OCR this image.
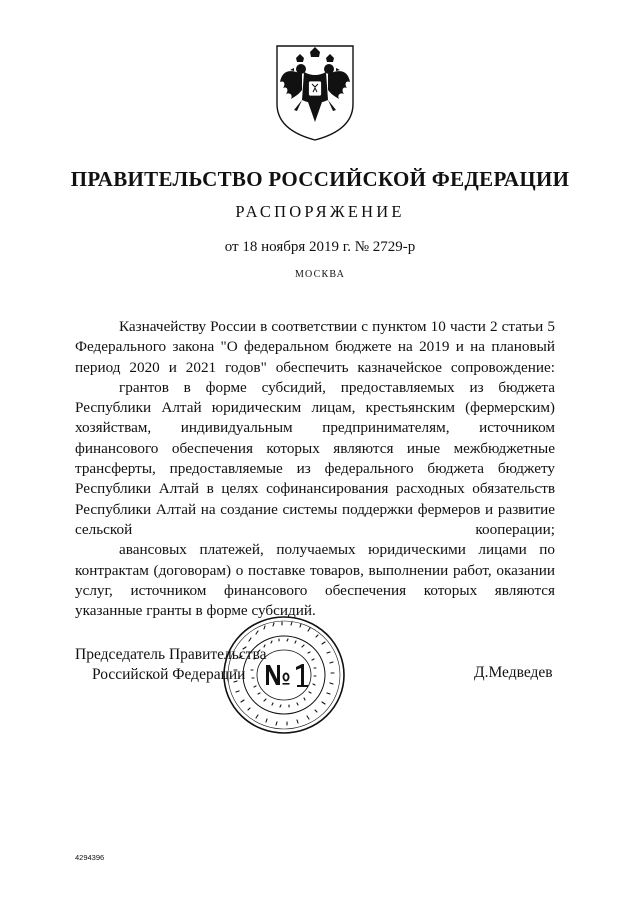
ПРАВИТЕЛЬСТВО РОССИЙСКОЙ ФЕДЕРАЦИИ
РАСПОРЯЖЕНИЕ
от 18 ноября 2019 г. № 2729-р
МОСКВА

Казначейству России в соответствии с пунктом 10 части 2 статьи 5 Федерального закона "О федеральном бюджете на 2019 и на плановый период 2020 и 2021 годов" обеспечить казначейское сопровождение:

грантов в форме субсидий, предоставляемых из бюджета Республики Алтай юридическим лицам, крестьянским (фермерским) хозяйствам, индивидуальным предпринимателям, источником финансового обеспечения которых являются иные межбюджетные трансферты, предоставляемые из федерального бюджета бюджету Республики Алтай в целях софинансирования расходных обязательств Республики Алтай на создание системы поддержки фермеров и развитие сельской кооперации;

авансовых платежей, получаемых юридическими лицами по контрактам (договорам) о поставке товаров, выполнении работ, оказании услуг, источником финансового обеспечения которых являются указанные гранты в форме субсидий.

Председатель Правительства
Российской Федерации	Д.Медведев
4294396
